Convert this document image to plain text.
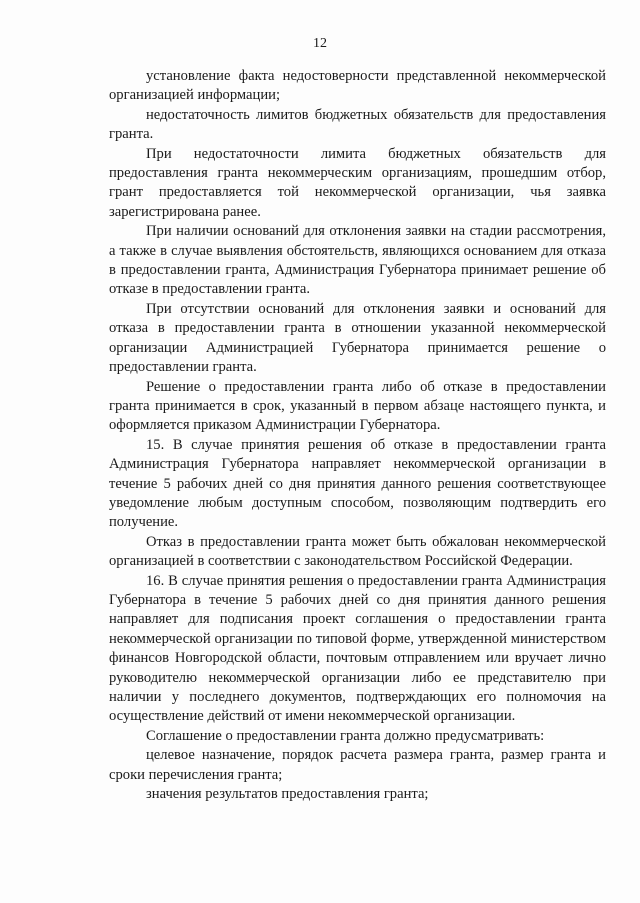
12

установление факта недостоверности представленной некоммерческой организацией информации;

недостаточность лимитов бюджетных обязательств для предоставления гранта.

При недостаточности лимита бюджетных обязательств для предоставления гранта некоммерческим организациям, прошедшим отбор, грант предоставляется той некоммерческой организации, чья заявка зарегистрирована ранее.

При наличии оснований для отклонения заявки на стадии рассмотрения, а также в случае выявления обстоятельств, являющихся основанием для отказа в предоставлении гранта, Администрация Губернатора принимает решение об отказе в предоставлении гранта.

При отсутствии оснований для отклонения заявки и оснований для отказа в предоставлении гранта в отношении указанной некоммерческой организации Администрацией Губернатора принимается решение о предоставлении гранта.

Решение о предоставлении гранта либо об отказе в предоставлении гранта принимается в срок, указанный в первом абзаце настоящего пункта, и оформляется приказом Администрации Губернатора.

15. В случае принятия решения об отказе в предоставлении гранта Администрация Губернатора направляет некоммерческой организации в течение 5 рабочих дней со дня принятия данного решения соответствующее уведомление любым доступным способом, позволяющим подтвердить его получение.

Отказ в предоставлении гранта может быть обжалован некоммерческой организацией в соответствии с законодательством Российской Федерации.

16. В случае принятия решения о предоставлении гранта Администрация Губернатора в течение 5 рабочих дней со дня принятия данного решения направляет для подписания проект соглашения о предоставлении гранта некоммерческой организации по типовой форме, утвержденной министерством финансов Новгородской области, почтовым отправлением или вручает лично руководителю некоммерческой организации либо ее представителю при наличии у последнего документов, подтверждающих его полномочия на осуществление действий от имени некоммерческой организации.

Соглашение о предоставлении гранта должно предусматривать:

целевое назначение, порядок расчета размера гранта, размер гранта и сроки перечисления гранта;

значения результатов предоставления гранта;
